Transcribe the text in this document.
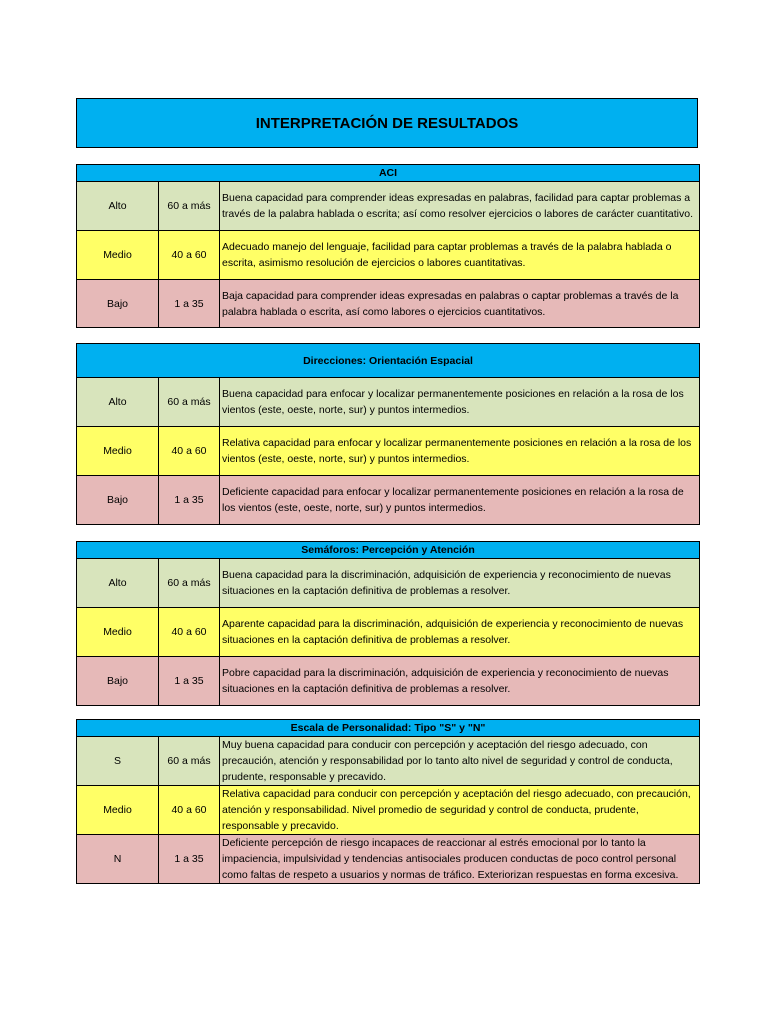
INTERPRETACIÓN DE RESULTADOS
ACI		
Alto	60 a más	Buena capacidad para comprender ideas expresadas en palabras, facilidad para captar problemas a través de la palabra hablada o escrita; así como resolver ejercicios o labores de carácter cuantitativo.
Medio	40 a 60	Adecuado manejo del lenguaje, facilidad para captar problemas a través de la palabra hablada o escrita, asimismo resolución de ejercicios o labores cuantitativas.
Bajo	1 a 35	Baja capacidad para comprender ideas expresadas en palabras o captar problemas a través de la palabra hablada o escrita, así como labores o ejercicios cuantitativos.
Direcciones: Orientación Espacial		
Alto	60 a más	Buena capacidad para enfocar y localizar permanentemente posiciones en relación a la rosa de los vientos (este, oeste, norte, sur) y puntos intermedios.
Medio	40 a 60	Relativa capacidad para enfocar y localizar permanentemente posiciones en relación a la rosa de los vientos (este, oeste, norte, sur) y puntos intermedios.
Bajo	1 a 35	Deficiente capacidad para enfocar y localizar permanentemente posiciones en relación a la rosa de los vientos (este, oeste, norte, sur) y puntos intermedios.
Semáforos: Percepción y Atención		
Alto	60 a más	Buena capacidad para la discriminación, adquisición de experiencia y reconocimiento de nuevas situaciones en la captación definitiva de problemas a resolver.
Medio	40 a 60	Aparente capacidad para la discriminación, adquisición de experiencia y reconocimiento de nuevas situaciones en la captación definitiva de problemas a resolver.
Bajo	1 a 35	Pobre capacidad para la discriminación, adquisición de experiencia y reconocimiento de nuevas situaciones en la captación definitiva de problemas a resolver.
Escala de Personalidad: Tipo "S" y "N"		
S	60 a más	Muy buena capacidad para conducir con percepción y aceptación del riesgo adecuado, con precaución, atención y responsabilidad por lo tanto alto nivel de seguridad y control de conducta, prudente, responsable y precavido.
Medio	40 a 60	Relativa capacidad para conducir con percepción y aceptación del riesgo adecuado, con precaución, atención y responsabilidad. Nivel promedio de seguridad y control de conducta, prudente, responsable y precavido.
N	1 a 35	Deficiente percepción de riesgo incapaces de reaccionar al estrés emocional por lo tanto la impaciencia, impulsividad y tendencias antisociales producen conductas de poco control personal como faltas de respeto a usuarios y normas de tráfico. Exteriorizan respuestas en forma excesiva.
